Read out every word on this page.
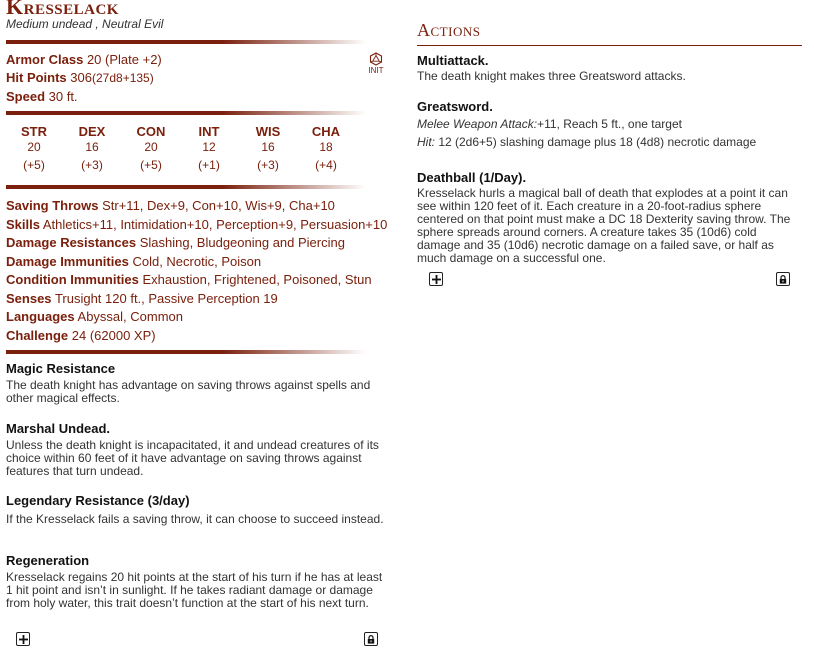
Kresselack
Medium undead , Neutral Evil
Armor Class 20 (Plate +2)
Hit Points 306(27d8+135)
Speed 30 ft.
INIT
STR
20
(+5)
DEX
16
(+3)
CON
20
(+5)
INT
12
(+1)
WIS
16
(+3)
CHA
18
(+4)
Saving Throws Str+11, Dex+9, Con+10, Wis+9, Cha+10
Skills Athletics+11, Intimidation+10, Perception+9, Persuasion+10
Damage Resistances Slashing, Bludgeoning and Piercing
Damage Immunities Cold, Necrotic, Poison
Condition Immunities Exhaustion, Frightened, Poisoned, Stun
Senses Trusight 120 ft., Passive Perception 19
Languages Abyssal, Common
Challenge 24 (62000 XP)
Magic Resistance
The death knight has advantage on saving throws against spells and other magical effects.
Marshal Undead.
Unless the death knight is incapacitated, it and undead creatures of its choice within 60 feet of it have advantage on saving throws against features that turn undead.
Legendary Resistance (3/day)
If the Kresselack fails a saving throw, it can choose to succeed instead.
Regeneration
Kresselack regains 20 hit points at the start of his turn if he has at least 1 hit point and isn’t in sunlight. If he takes radiant damage or damage from holy water, this trait doesn’t function at the start of his next turn.
Actions
Multiattack.
The death knight makes three Greatsword attacks.
Greatsword.
Melee Weapon Attack:+11, Reach 5 ft., one target
Hit: 12 (2d6+5) slashing damage plus 18 (4d8) necrotic damage
Deathball (1/Day).
Kresselack hurls a magical ball of death that explodes at a point it can see within 120 feet of it. Each creature in a 20-foot-radius sphere centered on that point must make a DC 18 Dexterity saving throw. The sphere spreads around corners. A creature takes 35 (10d6) cold damage and 35 (10d6) necrotic damage on a failed save, or half as much damage on a successful one.
